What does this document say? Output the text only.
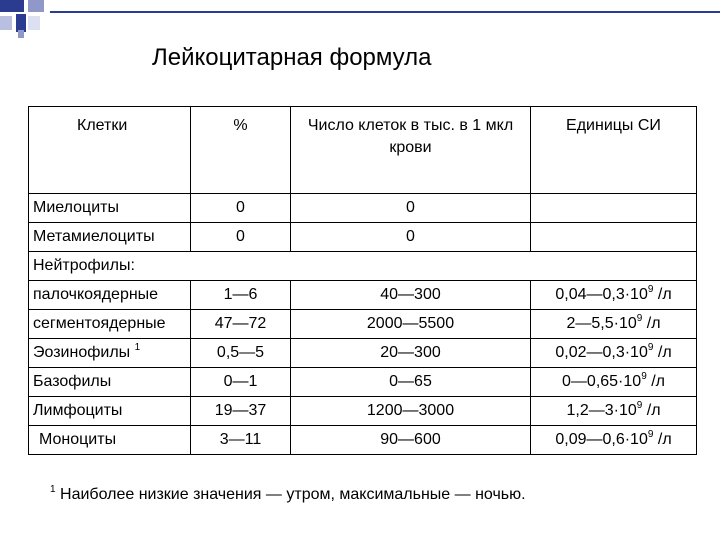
Лейкоцитарная формула
Клетки	%	Число клеток в тыс. в 1 мкл крови	Единицы СИ
Миелоциты	0	0	
Метамиелоциты	0	0	
Нейтрофилы:			
палочкоядерные	1—6	40—300	$0,04—0,3\cdot 10^9$ /л
сегментоядерные	47—72	2000—5500	$2—5,5\cdot 10^9$ /л
Эозинофилы $^1$	0,5—5	20—300	$0,02—0,3\cdot 10^9$ /л
Базофилы	0—1	0—65	$0—0,65\cdot 10^9$ /л
Лимфоциты	19—37	1200—3000	$1,2—3\cdot 10^9$ /л
Моноциты	3—11	90—600	$0,09—0,6\cdot 10^9$ /л
$^1$ Наиболее низкие значения — утром, максимальные — ночью.
